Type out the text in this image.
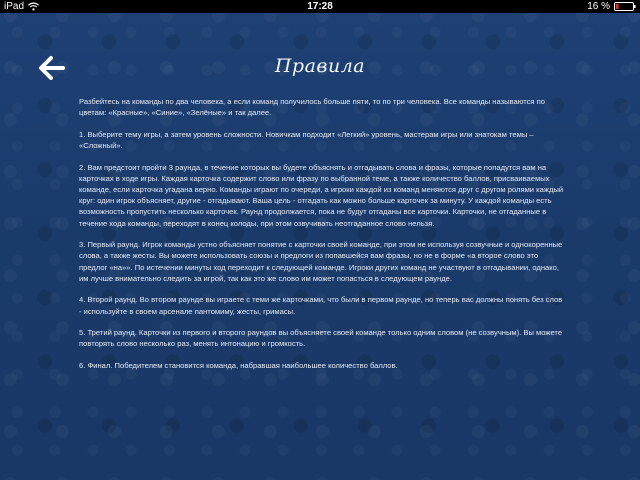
iPad	17:28	16 %
Правила

Разбейтесь на команды по два человека, а если команд получилось больше пяти, то по три человека. Все команды называются по цветам: «Красные», «Синие», «Зелёные» и так далее.

1. Выберите тему игры, а затем уровень сложности. Новичкам подходит «Легкий» уровень, мастерам игры или знатокам темы – «Сложный».

2. Вам предстоит пройти 3 раунда, в течение которых вы будете объяснять и отгадывать слова и фразы, которые попадутся вам на карточках в ходе игры. Каждая карточка содержит слово или фразу по выбранной теме, а также количество баллов, присваиваемых команде, если карточка угадана верно. Команды играют по очереди, а игроки каждой из команд меняются друг с другом ролями каждый круг: один игрок объясняет, другие - отгадывают. Ваша цель - отгадать как можно больше карточек за минуту. У каждой команды есть возможность пропустить несколько карточек. Раунд продолжается, пока не будут отгаданы все карточки. Карточки, не отгаданные в течение хода команды, переходят в конец колоды, при этом озвучивать неотгаданное слово нельзя.

3. Первый раунд. Игрок команды устно объясняет понятие с карточки своей команде, при этом не используя созвучные и однокоренные слова, а также жесты. Вы можете использовать союзы и предлоги из попавшейся вам фразы, но не в форме «а второе слово это предлог «на»». По истечении минуты ход переходит к следующей команде. Игроки других команд не участвуют в отгадывании, однако, им лучше внимательно следить за игрой, так как это же слово им может попасться в следующем раунде.

4. Второй раунд. Во втором раунде вы играете с теми же карточками, что были в первом раунде, но теперь вас должны понять без слов - используйте в своем арсенале пантомиму, жесты, гримасы.

5. Третий раунд. Карточки из первого и второго раундов вы объясняете своей команде только одним словом (не созвучным). Вы можете повторять слово несколько раз, менять интонацию и громкость.

6. Финал. Победителем становится команда, набравшая наибольшее количество баллов.
